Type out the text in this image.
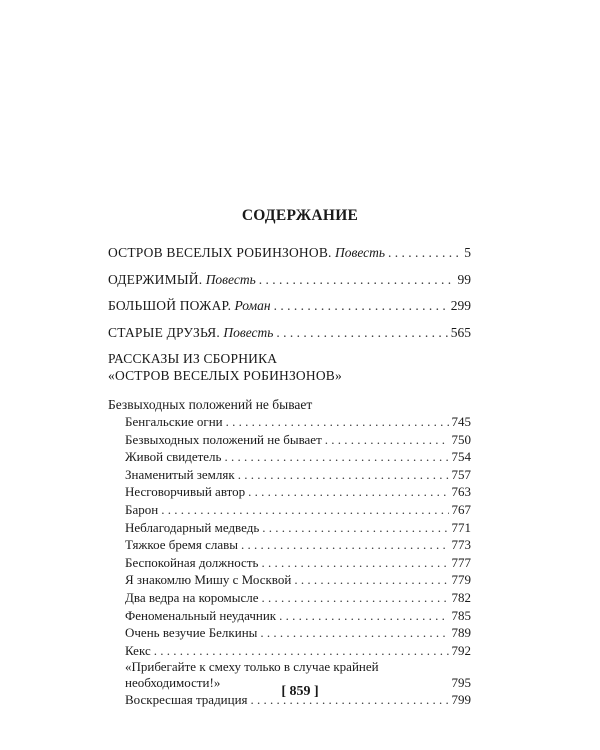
СОДЕРЖАНИЕ
ОСТРОВ ВЕСЕЛЫХ РОБИНЗОНОВ. Повесть . . .	5
ОДЕРЖИМЫЙ. Повесть . . .	99
БОЛЬШОЙ ПОЖАР. Роман . . .	299
СТАРЫЕ ДРУЗЬЯ. Повесть . . .	565
РАССКАЗЫ ИЗ СБОРНИКА
«ОСТРОВ ВЕСЕЛЫХ РОБИНЗОНОВ»
Безвыходных положений не бывает
Бенгальские огни . . .	745
Безвыходных положений не бывает . . .	750
Живой свидетель . . .	754
Знаменитый земляк . . .	757
Несговорчивый автор . . .	763
Барон . . .	767
Неблагодарный медведь . . .	771
Тяжкое бремя славы . . .	773
Беспокойная должность . . .	777
Я знакомлю Мишу с Москвой . . .	779
Два ведра на коромысле . . .	782
Феноменальный неудачник . . .	785
Очень везучие Белкины . . .	789
Кекс . . .	792
«Прибегайте к смеху только в случае крайней
необходимости!»	795
Воскресшая традиция . . .	799
[ 859 ]
